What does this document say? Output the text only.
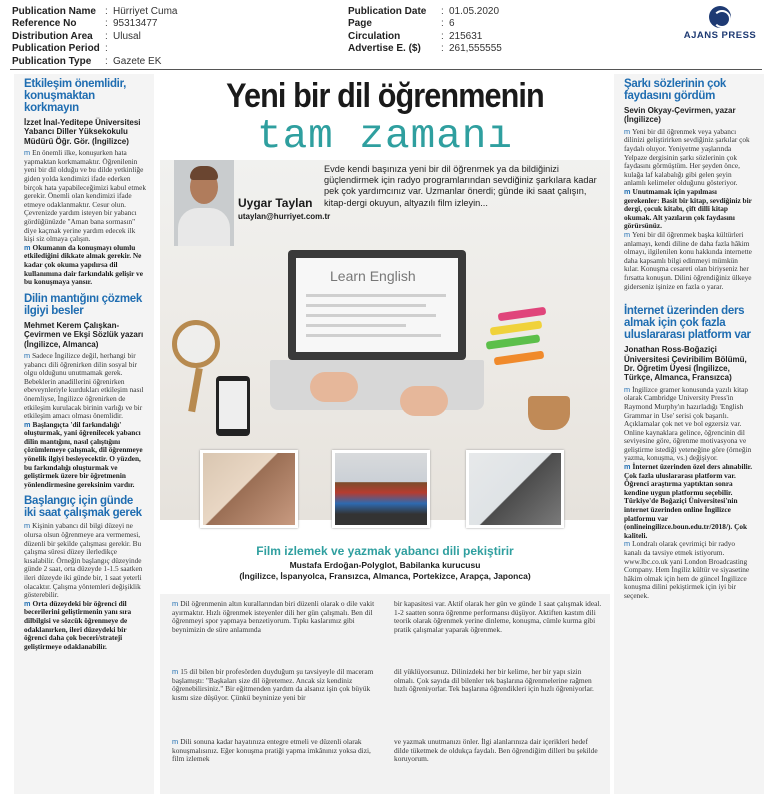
Publication Name : Hürriyet Cuma
Reference No	: 95313477
Distribution Area	: Ulusal
Publication Period :
Publication Type	: Gazete EK
Publication Date	: 01.05.2020
Page	: 6
Circulation	: 215631
Advertise E. ($)	: 261,555555
AJANS PRESS
Etkileşim önemlidir, konuşmaktan korkmayın
İzzet İnal-Yeditepe Üniversitesi Yabancı Diller Yüksekokulu Müdürü Öğr. Gör. (İngilizce)

m En önemli ilke, konuşurken hata yapmaktan korkmamaktır. Öğrenilenin yeni bir dil olduğu ve bu dilde yetkinliğe giden yolda kendimizi ifade ederken birçok hata yapabileceğimizi kabul etmek gerekir. Önemli olan kendimizi ifade etmeye odaklanmaktır. Cesur olun. Çevrenizde yardım isteyen bir yabancı gördüğünüzde "Aman bana sormasın" diye kaçmak yerine yardım edecek ilk kişi siz olmaya çalışın.

m Okumanın da konuşmayı olumlu etkilediğini dikkate almak gerekir. Ne kadar çok okuma yapılırsa dil kullanımına dair farkındalık gelişir ve bu konuşmaya yansır.

Dilin mantığını çözmek ilgiyi besler
Mehmet Kerem Çalışkan-Çevirmen ve Ekşi Sözlük yazarı (İngilizce, Almanca)

m Sadece İngilizce değil, herhangi bir yabancı dili öğrenirken dilin sosyal bir olgu olduğunu unutmamak gerek. Bebeklerin anadillerini öğrenirken ebeveynleriyle kurdukları etkileşim nasıl önemliyse, İngilizce öğrenirken de etkileşim kurulacak birinin varlığı ve bir etkileşim amacı olması önemlidir.

m Başlangıçta 'dil farkındalığı' oluşturmak, yani öğrenilecek yabancı dilin mantığını, nasıl çalıştığını çözümlemeye çalışmak, dil öğrenmeye yönelik ilgiyi besleyecektir. O yüzden, bu farkındalığı oluşturmak ve geliştirmek üzere bir öğretmenin yönlendirmesine gereksinim vardır.

Başlangıç için günde iki saat çalışmak gerek

m Kişinin yabancı dil bilgi düzeyi ne olursa olsun öğrenmeye ara vermemesi, düzenli bir şekilde çalışması gerekir. Bu çalışma süresi düzey ilerledikçe kısalabilir. Örneğin başlangıç düzeyinde günde 2 saat, orta düzeyde 1-1.5 saatken ileri düzeyde iki günde bir, 1 saat yeterli olacaktır. Çalışma yöntemleri değişiklik gösterebilir.

m Orta düzeydeki bir öğrenci dil becerilerini geliştirmenin yanı sıra dilbilgisi ve sözcük öğrenmeye de odaklanırken, ileri düzeydeki bir öğrenci daha çok beceri/strateji geliştirmeye odaklanabilir.

Yeni bir dil öğrenmenin
tam zamanı
Uygar Taylan
utaylan@hurriyet.com.tr
Evde kendi başınıza yeni bir dil öğrenmek ya da bildiğinizi güçlendirmek için radyo programlarından sevdiğiniz şarkılara kadar pek çok yardımcınız var. Uzmanlar önerdi; günde iki saat çalışın, kitap-dergi okuyun, altyazılı film izleyin...
Learn English
Film izlemek ve yazmak yabancı dili pekiştirir
Mustafa Erdoğan-Polyglot, Babilanka kurucusu
(İngilizce, İspanyolca, Fransızca, Almanca, Portekizce, Arapça, Japonca)

m Dil öğrenmenin altın kurallarından biri düzenli olarak o dile vakit ayırmaktır. Hızlı öğrenmek isteyenler dili her gün çalışmalı. Ben dil öğrenmeyi spor yapmaya benzetiyorum. Tıpkı kaslarımız gibi beynimizin de süre anlamında

bir kapasitesi var. Aktif olarak her gün ve günde 1 saat çalışmak ideal. 1-2 saatten sonra öğrenme performansı düşüyor. Aktiften kastım dili teorik olarak öğrenmek yerine dinleme, konuşma, cümle kurma gibi pratik çalışmalar yaparak öğrenmek.

m 15 dil bilen bir profesörden duyduğum şu tavsiyeyle dil maceram başlamıştı: "Başkaları size dil öğretemez. Ancak siz kendiniz öğrenebilirsiniz." Bir eğitmenden yardım da alsanız işin çok büyük kısmı size düşüyor. Çünkü beyninize yeni bir

dil yüklüyorsunuz. Dilinizdeki her bir kelime, her bir yapı sizin olmalı. Çok sayıda dil bilenler tek başlarına öğrenmelerine rağmen hızlı öğreniyorlar. Tek başlarına öğrendikleri için hızlı öğreniyorlar.

m Dili sonuna kadar hayatınıza entegre etmeli ve düzenli olarak konuşmalısınız. Eğer konuşma pratiği yapma imkânınız yoksa dizi, film izlemek

ve yazmak unutmanızı önler. İlgi alanlarınıza dair içerikleri hedef dilde tüketmek de oldukça faydalı. Ben öğrendiğim dilleri bu şekilde koruyorum.

Şarkı sözlerinin çok faydasını gördüm
Sevin Okyay-Çevirmen, yazar (İngilizce)

m Yeni bir dil öğrenmek veya yabancı dilinizi geliştirirken sevdiğiniz şarkılar çok faydalı oluyor. Yeniyetme yaşlarında Yelpaze dergisinin şarkı sözlerinin çok faydasını görmüştüm. Her şeyden önce, kulağa laf kalabalığı gibi gelen şeyin anlamlı kelimeler olduğunu gösteriyor.

m Unutmamak için yapılması gerekenler: Basit bir kitap, sevdiğiniz bir dergi, çocuk kitabı, çift dilli kitap okumak. Alt yazıların çok faydasını görürsünüz.

m Yeni bir dil öğrenmek başka kültürleri anlamayı, kendi diline de daha fazla hâkim olmayı, ilgilenilen konu hakkında internette daha kapsamlı bilgi edinmeyi mümkün kılar. Konuşma cesareti olan biriyseniz her fırsatta konuşun. Dilini öğrendiğiniz ülkeye giderseniz işinize en fazla o yarar.

İnternet üzerinden ders almak için çok fazla uluslararası platform var
Jonathan Ross-Boğaziçi Üniversitesi Çeviribilim Bölümü, Dr. Öğretim Üyesi (İngilizce, Türkçe, Almanca, Fransızca)

m İngilizce gramer konusunda yazılı kitap olarak Cambridge University Press'in Raymond Murphy'ın hazırladığı 'English Grammar in Use' serisi çok başarılı. Açıklamalar çok net ve bol egzersiz var. Online kaynaklara gelince, öğrencinin dil seviyesine göre, öğrenme motivasyona ve geliştirme istediği yeteneğine göre (örneğin yazma, konuşma, vs.) değişiyor.

m İnternet üzerinden özel ders alınabilir. Çok fazla uluslararası platform var. Öğrenci araştırma yaptıktan sonra kendine uygun platformu seçebilir. Türkiye'de Boğaziçi Üniversitesi'nin internet üzerinden online İngilizce platformu var (onlineingilizce.boun.edu.tr/2018/). Çok kaliteli.

m Londralı olarak çevrimiçi bir radyo kanalı da tavsiye etmek istiyorum. www.lbc.co.uk yani London Broadcasting Company. Hem İngiliz kültür ve siyasetine hâkim olmak için hem de güncel İngilizce konuşma dilini pekiştirmek için iyi bir seçenek.
